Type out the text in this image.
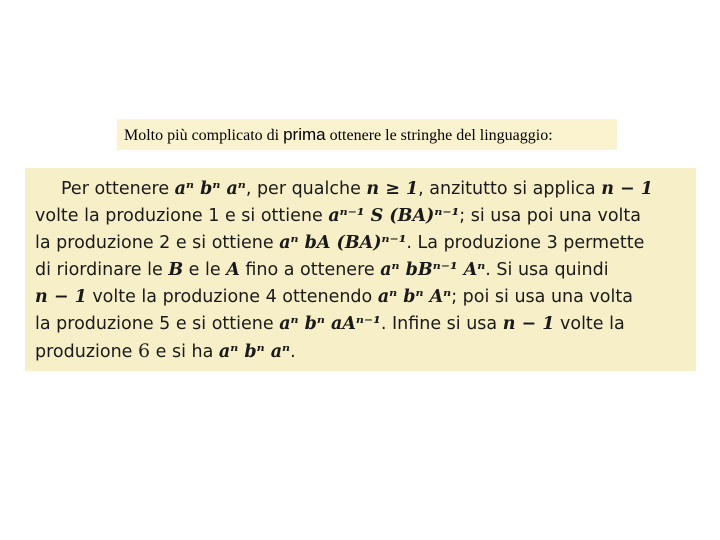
Molto più complicato di prima ottenere le stringhe del linguaggio:
Per ottenere aⁿ bⁿ aⁿ, per qualche n ≥ 1, anzitutto si applica n − 1
volte la produzione 1 e si ottiene aⁿ⁻¹ S (BA)ⁿ⁻¹; si usa poi una volta
la produzione 2 e si ottiene aⁿ bA (BA)ⁿ⁻¹. La produzione 3 permette
di riordinare le B e le A fino a ottenere aⁿ bBⁿ⁻¹ Aⁿ. Si usa quindi
n − 1 volte la produzione 4 ottenendo aⁿ bⁿ Aⁿ; poi si usa una volta
la produzione 5 e si ottiene aⁿ bⁿ aAⁿ⁻¹. Infine si usa n − 1 volte la
produzione 6 e si ha aⁿ bⁿ aⁿ.
